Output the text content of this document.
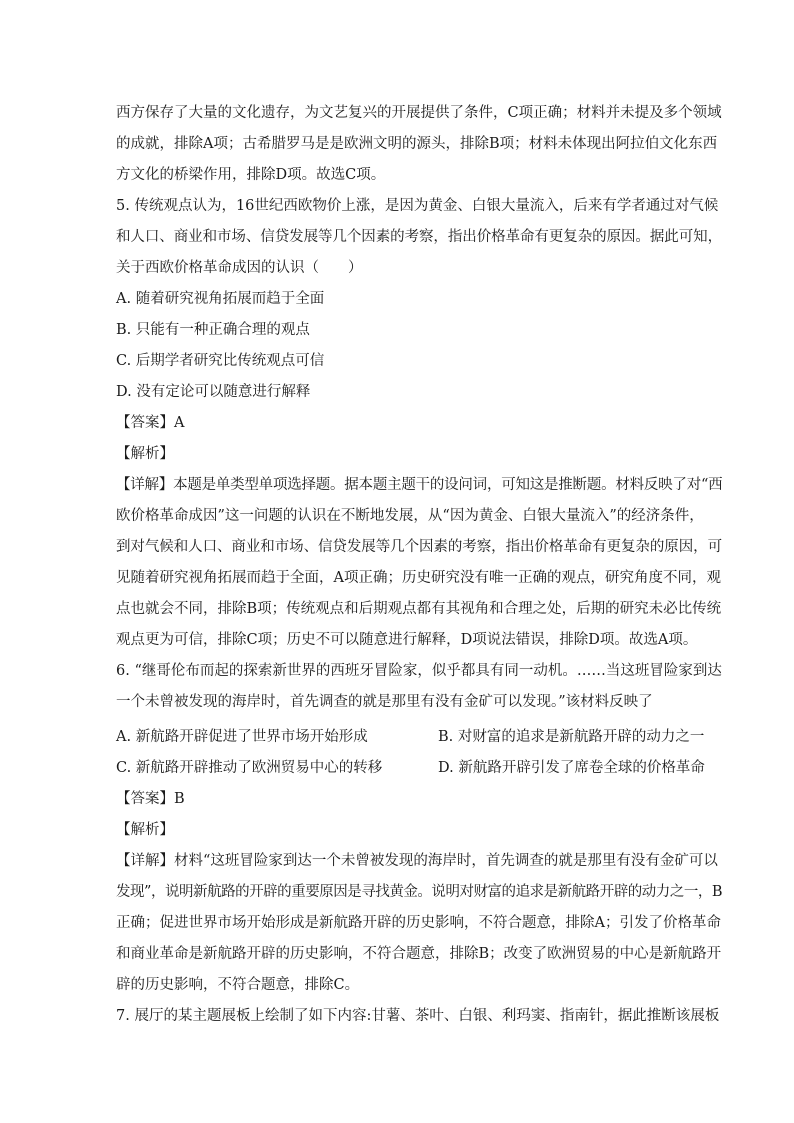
西方保存了大量的文化遗存，为文艺复兴的开展提供了条件，C项正确；材料并未提及多个领域
的成就，排除A项；古希腊罗马是是欧洲文明的源头，排除B项；材料未体现出阿拉伯文化东西
方文化的桥梁作用，排除D项。故选C项。
5. 传统观点认为，16世纪西欧物价上涨，是因为黄金、白银大量流入，后来有学者通过对气候
和人口、商业和市场、信贷发展等几个因素的考察，指出价格革命有更复杂的原因。据此可知，
关于西欧价格革命成因的认识（　　）
A. 随着研究视角拓展而趋于全面
B. 只能有一种正确合理的观点
C. 后期学者研究比传统观点可信
D. 没有定论可以随意进行解释
【答案】A
【解析】
【详解】本题是单类型单项选择题。据本题主题干的设问词，可知这是推断题。材料反映了对“西
欧价格革命成因”这一问题的认识在不断地发展，从“因为黄金、白银大量流入”的经济条件，
到对气候和人口、商业和市场、信贷发展等几个因素的考察，指出价格革命有更复杂的原因，可
见随着研究视角拓展而趋于全面，A项正确；历史研究没有唯一正确的观点，研究角度不同，观
点也就会不同，排除B项；传统观点和后期观点都有其视角和合理之处，后期的研究未必比传统
观点更为可信，排除C项；历史不可以随意进行解释，D项说法错误，排除D项。故选A项。
6. “继哥伦布而起的探索新世界的西班牙冒险家，似乎都具有同一动机。……当这班冒险家到达
一个未曾被发现的海岸时，首先调查的就是那里有没有金矿可以发现。”该材料反映了
A. 新航路开辟促进了世界市场开始形成	B. 对财富的追求是新航路开辟的动力之一
C. 新航路开辟推动了欧洲贸易中心的转移	D. 新航路开辟引发了席卷全球的价格革命
【答案】B
【解析】
【详解】材料“这班冒险家到达一个未曾被发现的海岸时，首先调查的就是那里有没有金矿可以
发现”，说明新航路的开辟的重要原因是寻找黄金。说明对财富的追求是新航路开辟的动力之一，B
正确；促进世界市场开始形成是新航路开辟的历史影响，不符合题意，排除A；引发了价格革命
和商业革命是新航路开辟的历史影响，不符合题意，排除B；改变了欧洲贸易的中心是新航路开
辟的历史影响，不符合题意，排除C。
7. 展厅的某主题展板上绘制了如下内容:甘薯、茶叶、白银、利玛窦、指南针，据此推断该展板
